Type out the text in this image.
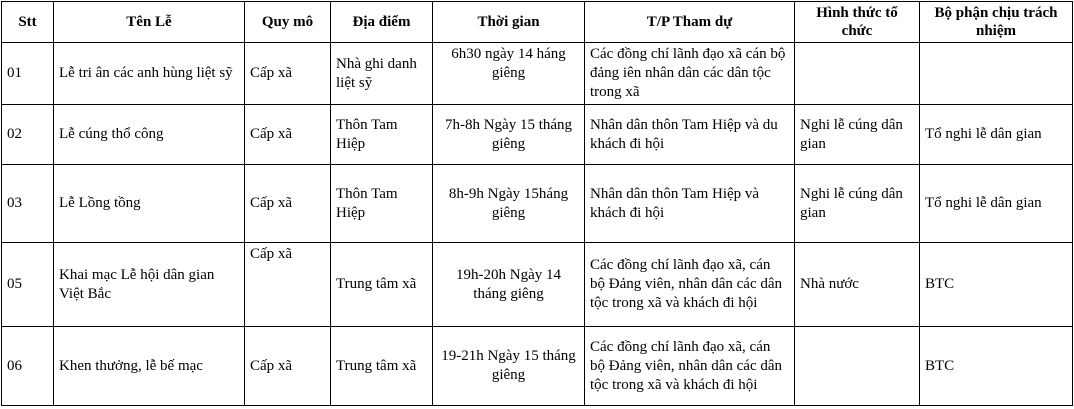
Stt	Tên Lễ	Quy mô	Địa điểm	Thời gian	T/P Tham dự	Hình thức tổ chức	Bộ phận chịu trách nhiệm
01	Lễ tri ân các anh hùng liệt sỹ	Cấp xã	Nhà ghi danh liệt sỹ	6h30 ngày 14 háng giêng	Các đồng chí lãnh đạo xã cán bộ đảng iên nhân dân các dân tộc trong xã		
02	Lễ cúng thổ công	Cấp xã	Thôn Tam Hiệp	7h-8h Ngày 15 tháng giêng	Nhân dân thôn Tam Hiệp và du khách đi hội	Nghi lễ cúng dân gian	Tổ nghi lễ dân gian
03	Lễ Lồng tồng	Cấp xã	Thôn Tam Hiệp	8h-9h Ngày 15háng giêng	Nhân dân thôn Tam Hiệp và khách đi hội	Nghi lễ cúng dân gian	Tổ nghi lễ dân gian
05	Khai mạc Lễ hội dân gian Việt Bắc	Cấp xã	Trung tâm xã	19h-20h Ngày 14 tháng giêng	Các đồng chí lãnh đạo xã, cán bộ Đảng viên, nhân dân các dân tộc trong xã và khách đi hội	Nhà nước	BTC
06	Khen thưởng, lễ bế mạc	Cấp xã	Trung tâm xã	19-21h Ngày 15 tháng giêng	Các đồng chí lãnh đạo xã, cán bộ Đảng viên, nhân dân các dân tộc trong xã và khách đi hội		BTC
